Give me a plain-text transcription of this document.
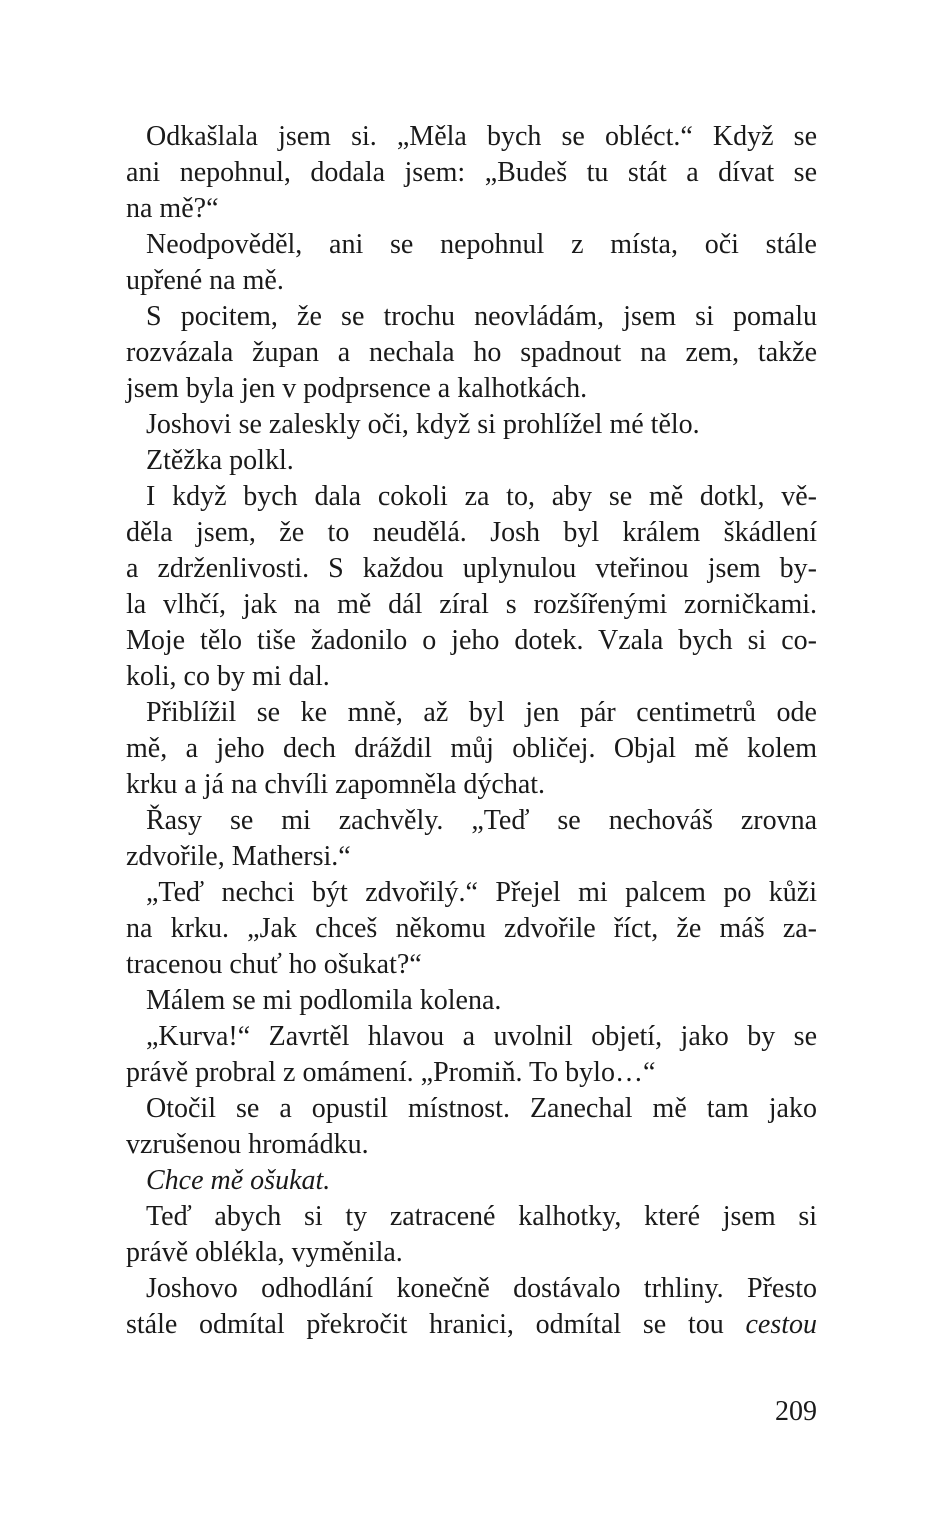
Odkašlala jsem si. „Měla bych se obléct.“ Když se
ani nepohnul, dodala jsem: „Budeš tu stát a dívat se
na mě?“
Neodpověděl, ani se nepohnul z místa, oči stále
upřené na mě.
S pocitem, že se trochu neovládám, jsem si pomalu
rozvázala župan a nechala ho spadnout na zem, takže
jsem byla jen v podprsence a kalhotkách.
Joshovi se zaleskly oči, když si prohlížel mé tělo.
Ztěžka polkl.
I když bych dala cokoli za to, aby se mě dotkl, vě-
děla jsem, že to neudělá. Josh byl králem škádlení
a zdrženlivosti. S každou uplynulou vteřinou jsem by-
la vlhčí, jak na mě dál zíral s rozšířenými zorničkami.
Moje tělo tiše žadonilo o jeho dotek. Vzala bych si co-
koli, co by mi dal.
Přiblížil se ke mně, až byl jen pár centimetrů ode
mě, a jeho dech dráždil můj obličej. Objal mě kolem
krku a já na chvíli zapomněla dýchat.
Řasy se mi zachvěly. „Teď se nechováš zrovna
zdvořile, Mathersi.“
„Teď nechci být zdvořilý.“ Přejel mi palcem po kůži
na krku. „Jak chceš někomu zdvořile říct, že máš za-
tracenou chuť ho ošukat?“
Málem se mi podlomila kolena.
„Kurva!“ Zavrtěl hlavou a uvolnil objetí, jako by se
právě probral z omámení. „Promiň. To bylo…“
Otočil se a opustil místnost. Zanechal mě tam jako
vzrušenou hromádku.
Chce mě ošukat.
Teď abych si ty zatracené kalhotky, které jsem si
právě oblékla, vyměnila.
Joshovo odhodlání konečně dostávalo trhliny. Přesto
stále odmítal překročit hranici, odmítal se tou cestou
209
